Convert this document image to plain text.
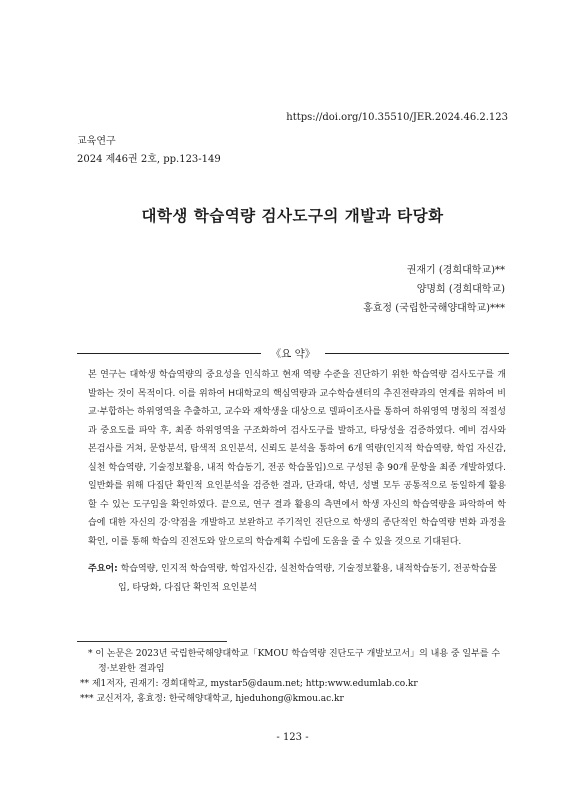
https://doi.org/10.35510/JER.2024.46.2.123
교육연구
2024 제46권 2호, pp.123-149
대학생 학습역량 검사도구의 개발과 타당화
권재기 (경희대학교)**
양명희 (경희대학교)
홍효정 (국립한국해양대학교)***
《요 약》
본 연구는 대학생 학습역량의 중요성을 인식하고 현재 역량 수준을 진단하기 위한 학습역량 검사도구를 개발하는 것이 목적이다. 이를 위하여 H대학교의 핵심역량과 교수학습센터의 추진전략과의 연계를 위하여 비교·부합하는 하위영역을 추출하고, 교수와 재학생을 대상으로 델파이조사를 통하여 하위영역 명칭의 적절성과 중요도를 파악 후, 최종 하위영역을 구조화하여 검사도구를 발하고, 타당성을 검증하였다. 예비 검사와 본검사를 거쳐, 문항분석, 탐색적 요인분석, 신뢰도 분석을 통하여 6개 역량(인지적 학습역량, 학업 자신감, 실천 학습역량, 기술정보활용, 내적 학습동기, 전공 학습몰입)으로 구성된 총 90개 문항을 최종 개발하였다. 일반화를 위해 다집단 확인적 요인분석을 검증한 결과, 단과대, 학년, 성별 모두 공통적으로 동일하게 활용할 수 있는 도구임을 확인하였다. 끝으로, 연구 결과 활용의 측면에서 학생 자신의 학습역량을 파악하여 학습에 대한 자신의 강·약점을 개발하고 보완하고 주기적인 진단으로 학생의 종단적인 학습역량 변화 과정을 확인, 이를 통해 학습의 진전도와 앞으로의 학습계획 수립에 도움을 줄 수 있을 것으로 기대된다.
주요어: 학습역량, 인지적 학습역량, 학업자신감, 실천학습역량, 기술정보활용, 내적학습동기, 전공학습몰입, 타당화, 다집단 확인적 요인분석
* 이 논문은 2023년 국립한국해양대학교「KMOU 학습역량 진단도구 개발보고서」의 내용 중 일부를 수정·보완한 결과임
** 제1저자, 권재기: 경희대학교, mystar5@daum.net; http:www.edumlab.co.kr
*** 교신저자, 홍효정: 한국해양대학교, hjeduhong@kmou.ac.kr
- 123 -
